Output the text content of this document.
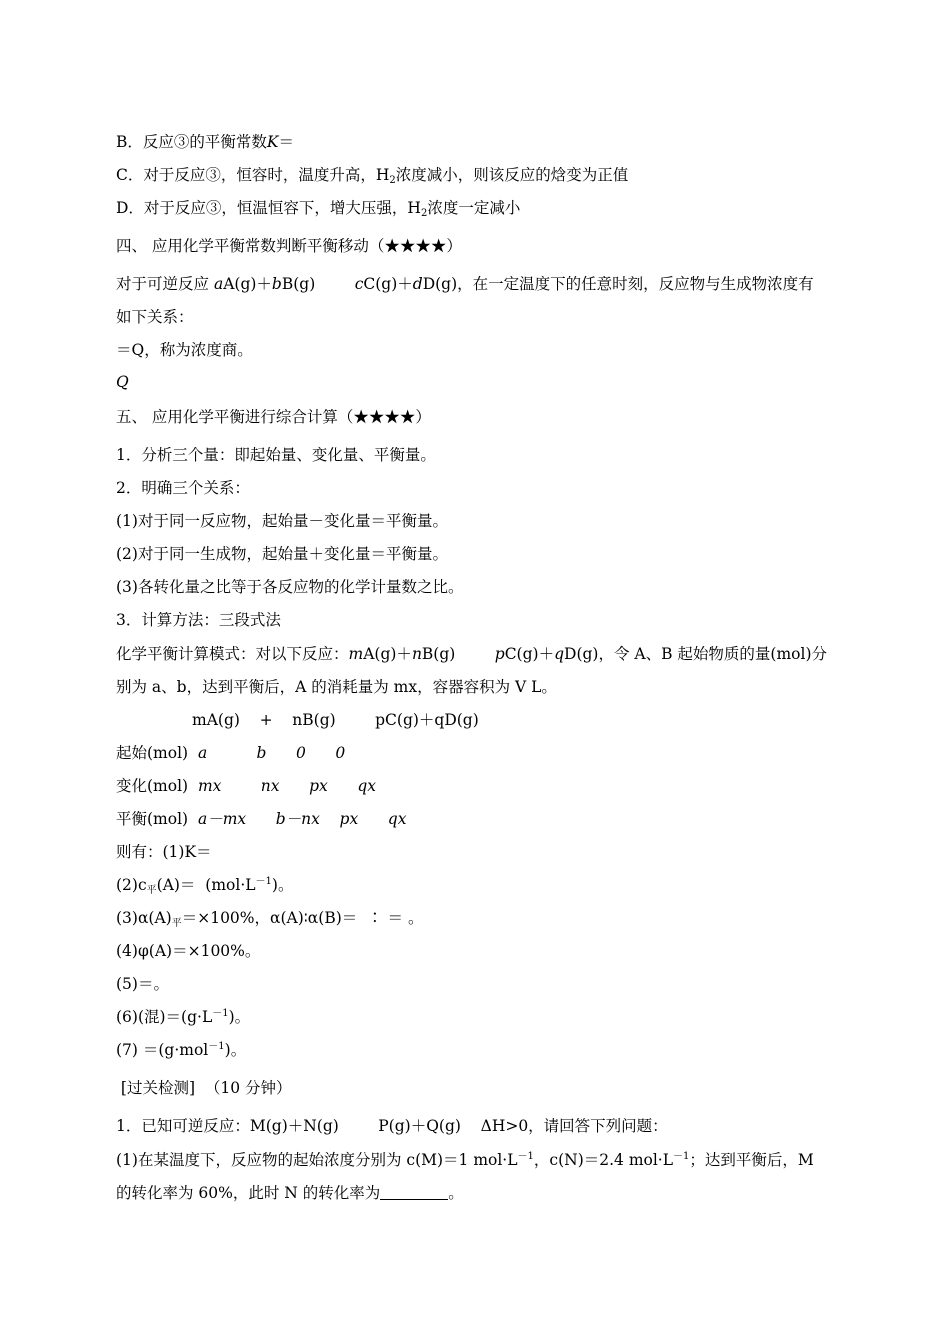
B．反应③的平衡常数K＝
C．对于反应③，恒容时，温度升高，$H_2$浓度减小，则该反应的焓变为正值
D．对于反应③，恒温恒容下，增大压强，$H_2$浓度一定减小
四、 应用化学平衡常数判断平衡移动（★★★★）
对于可逆反应 aA(g)＋bB(g)        cC(g)＋dD(g)，在一定温度下的任意时刻，反应物与生成物浓度有
如下关系：
＝Q，称为浓度商。
Q
五、 应用化学平衡进行综合计算（★★★★）
1．分析三个量：即起始量、变化量、平衡量。
2．明确三个关系：
(1)对于同一反应物，起始量－变化量＝平衡量。
(2)对于同一生成物，起始量＋变化量＝平衡量。
(3)各转化量之比等于各反应物的化学计量数之比。
3．计算方法：三段式法
化学平衡计算模式：对以下反应：mA(g)＋nB(g)        pC(g)＋qD(g)，令 A、B 起始物质的量(mol)分
别为 a、b，达到平衡后，A 的消耗量为 mx，容器容积为 V L。
mA(g)    +    nB(g)        pC(g)＋qD(g)
起始(mol)  a          b      0      0
变化(mol)  mx        nx      px      qx
平衡(mol)  a－mx      b－nx    px      qx
则有：(1)K＝
$(2)c_平(A)= (mol\cdot L^{-1})$。
$(3)\alpha(A)_平=\times 100\%$，α(A)∶α(B)＝  ∶ ＝ 。
(4)φ(A)＝×100%。
(5)＝。
(6)(混)$=(g\cdot L^{-1})$。
(7) ＝(g·mol$^{-1}$)。
[过关检测]  （10 分钟）
1．已知可逆反应：M(g)＋N(g)        P(g)＋Q(g)    ΔH>0，请回答下列问题：
(1)在某温度下，反应物的起始浓度分别为 c(M)＝1 $mol\cdot L^{-1}$，c(N)＝2.4 $mol\cdot L^{-1}$；达到平衡后，M
的转化率为 60%，此时 N 的转化率为	。
